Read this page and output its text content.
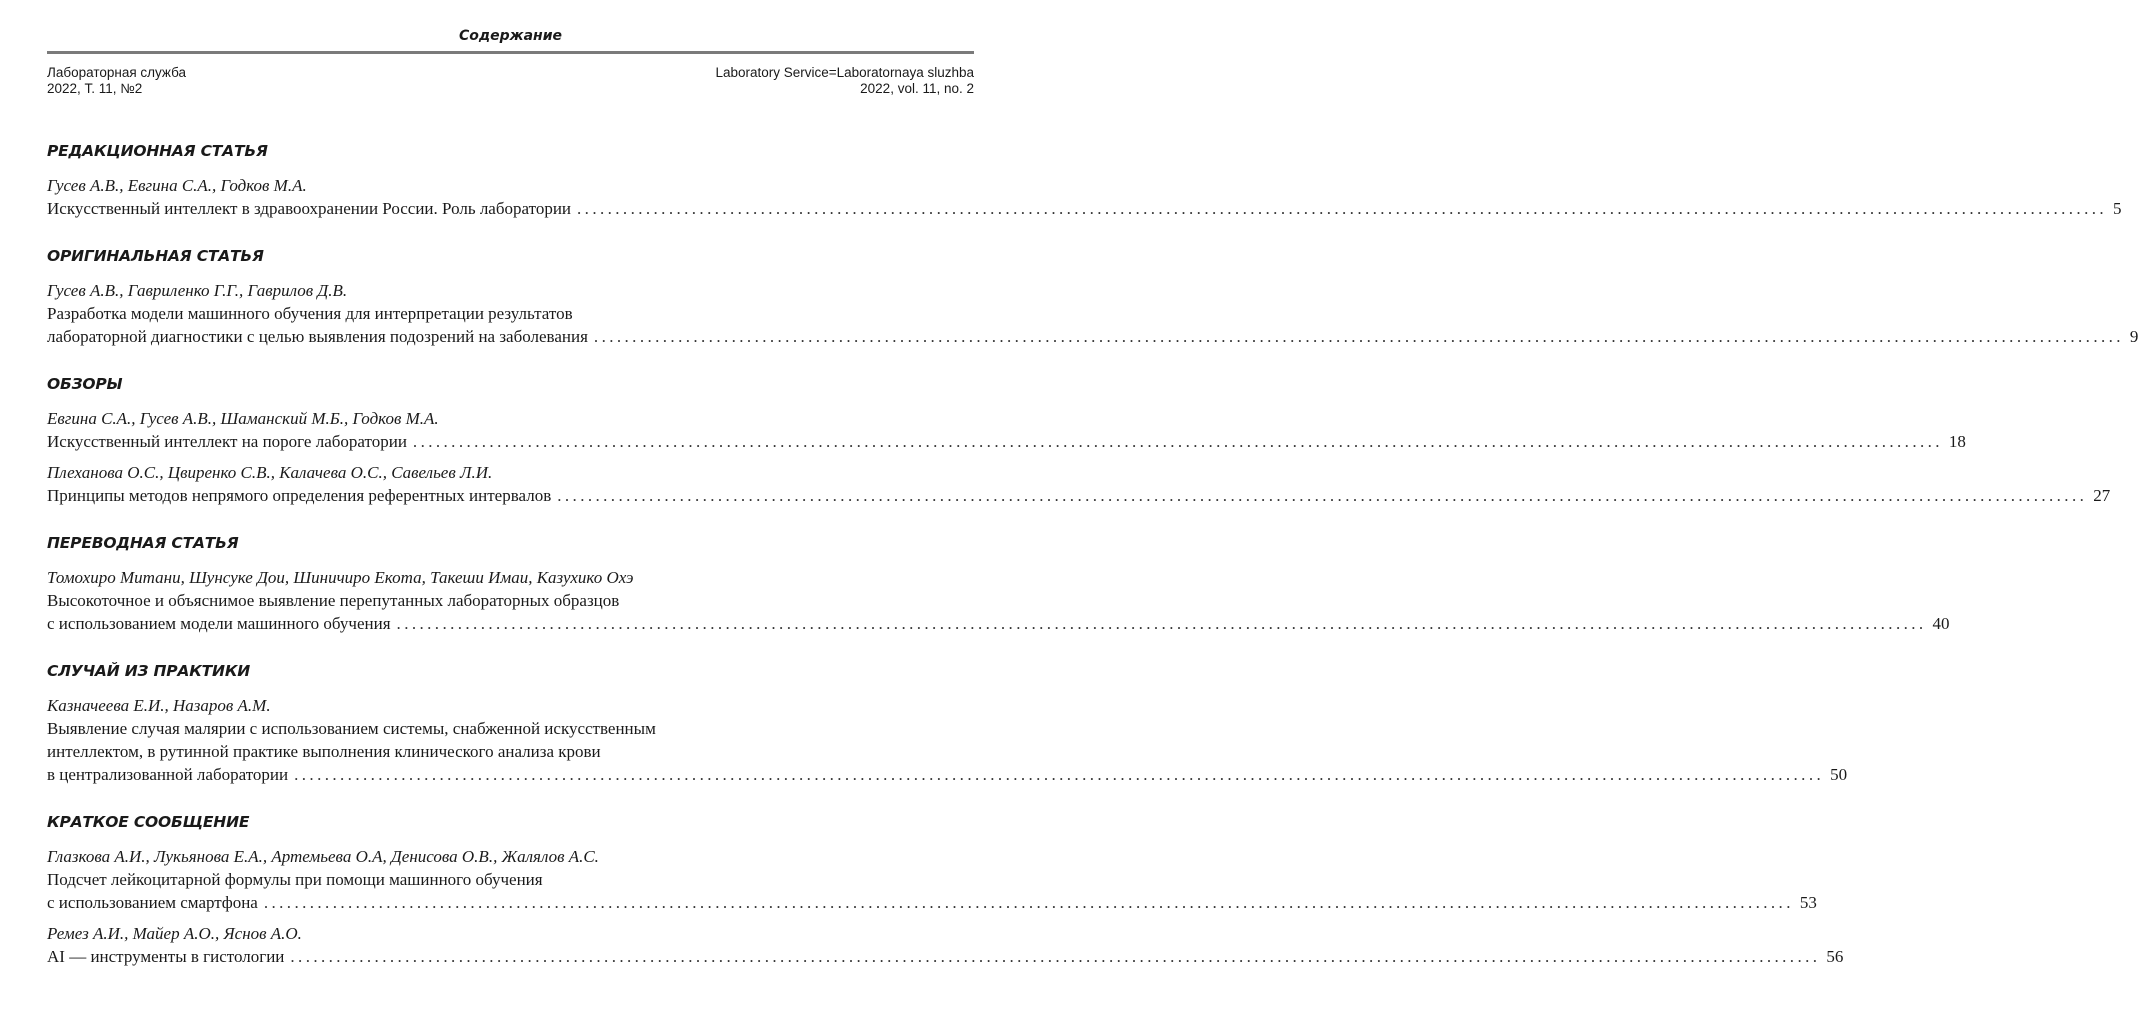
Содержание
Лабораторная служба
2022, Т. 11, №2
Laboratory Service=Laboratornaya sluzhba
2022, vol. 11, no. 2
РЕДАКЦИОННАЯ СТАТЬЯ
Гусев А.В., Евгина С.А., Годков М.А.
Искусственный интеллект в здравоохранении России. Роль лаборатории ........................................................................................................................................................................................................ 5
ОРИГИНАЛЬНАЯ СТАТЬЯ
Гусев А.В., Гавриленко Г.Г., Гаврилов Д.В.
Разработка модели машинного обучения для интерпретации результатов
лабораторной диагностики с целью выявления подозрений на заболевания ........................................................................................................................................................................................................ 9
ОБЗОРЫ
Евгина С.А., Гусев А.В., Шаманский М.Б., Годков М.А.
Искусственный интеллект на пороге лаборатории ........................................................................................................................................................................................................ 18
Плеханова О.С., Цвиренко С.В., Калачева О.С., Савельев Л.И.
Принципы методов непрямого определения референтных интервалов ........................................................................................................................................................................................................ 27
ПЕРЕВОДНАЯ СТАТЬЯ
Томохиро Митани, Шунсуке Дои, Шиничиро Екота, Такеши Имаи, Казухико Охэ
Высокоточное и объяснимое выявление перепутанных лабораторных образцов
с использованием модели машинного обучения ........................................................................................................................................................................................................ 40
СЛУЧАЙ ИЗ ПРАКТИКИ
Казначеева Е.И., Назаров А.М.
Выявление случая малярии с использованием системы, снабженной искусственным
интеллектом, в рутинной практике выполнения клинического анализа крови
в централизованной лаборатории ........................................................................................................................................................................................................ 50
КРАТКОЕ СООБЩЕНИЕ
Глазкова А.И., Лукьянова Е.А., Артемьева О.А, Денисова О.В., Жалялов А.С.
Подсчет лейкоцитарной формулы при помощи машинного обучения
с использованием смартфона ........................................................................................................................................................................................................ 53
Ремез А.И., Майер А.О., Яснов А.О.
AI — инструменты в гистологии ........................................................................................................................................................................................................ 56
